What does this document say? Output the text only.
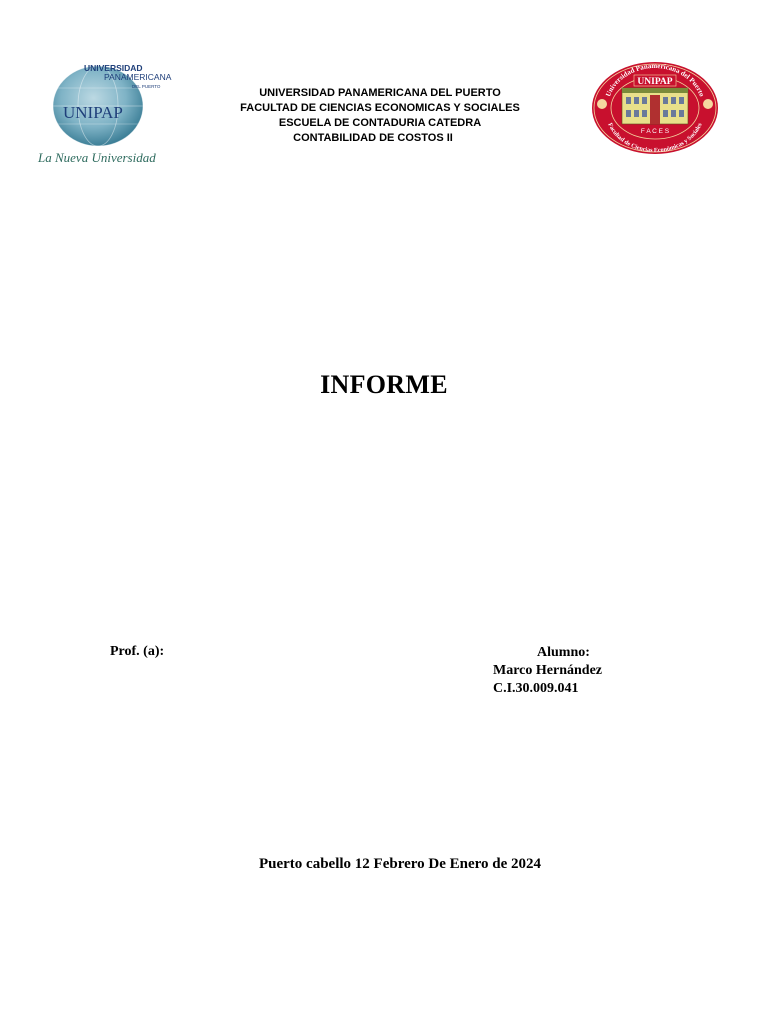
UNIVERSIDAD
PANAMERICANA
DEL PUERTO
UNIPAP
La Nueva Universidad
UNIVERSIDAD PANAMERICANA DEL PUERTO
FACULTAD DE CIENCIAS ECONOMICAS Y SOCIALES
ESCUELA DE CONTADURIA CATEDRA
CONTABILIDAD DE COSTOS II
Universidad Panamericana del Puerto
Facultad de Ciencias Económicas y Sociales
UNIPAP
F A C E S
INFORME
Prof. (a):	Alumno:
Marco Hernández
C.I.30.009.041
Puerto cabello 12 Febrero De Enero de 2024
